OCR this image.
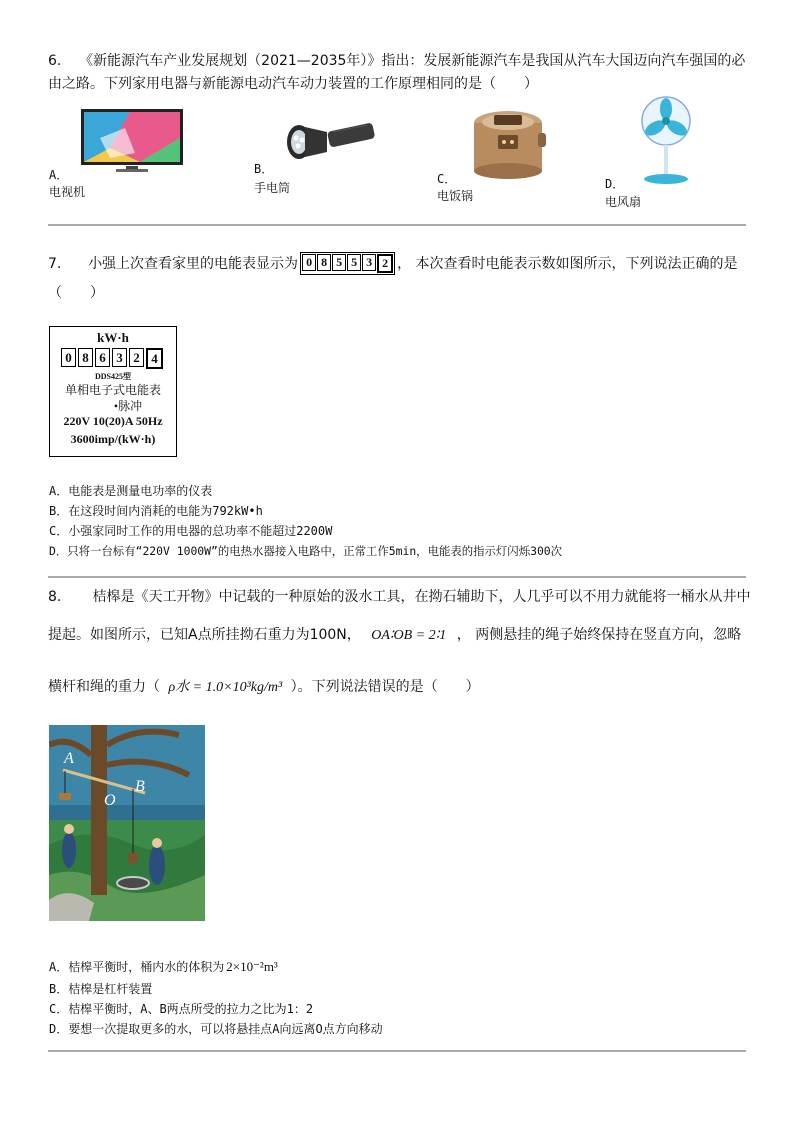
6. 《新能源汽车产业发展规划（2021—2035年）》指出：发展新能源汽车是我国从汽车大国迈向汽车强国的必
由之路。下列家用电器与新能源电动汽车动力装置的工作原理相同的是（　　）
A．
电视机
B．
手电筒
C．
电饭锅
D．
电风扇
7.
小强上次查看家里的电能表显示为 0 8 5 5 3 2 ， 本次查看时电能表示数如图所示，下列说法正确的是
（　　）
kW·h
0 8 6 3 2 4
DDS425型
单相电子式电能表
•脉冲
220V 10(20)A 50Hz
3600imp/(kW·h)
A．电能表是测量电功率的仪表
B．在这段时间内消耗的电能为792kW•h
C．小强家同时工作的用电器的总功率不能超过2200W
D．只将一台标有“220V 1000W”的电热水器接入电路中，正常工作5min，电能表的指示灯闪烁300次
8. 桔槔是《天工开物》中记载的一种原始的汲水工具，在拗石辅助下，人几乎可以不用力就能将一桶水从井中
提起。如图所示，已知A点所挂拗石重力为100N， OA∶OB = 2∶1 ， 两侧悬挂的绳子始终保持在竖直方向，忽略
横杆和绳的重力（ ρ水 = 1.0×10³kg/m³ ）。下列说法错误的是（　　）
A
B
O
A．桔槔平衡时，桶内水的体积为 2×10⁻²m³
B．桔槔是杠杆装置
C．桔槔平衡时，A、B两点所受的拉力之比为1：2
D．要想一次提取更多的水，可以将悬挂点A向远离O点方向移动
